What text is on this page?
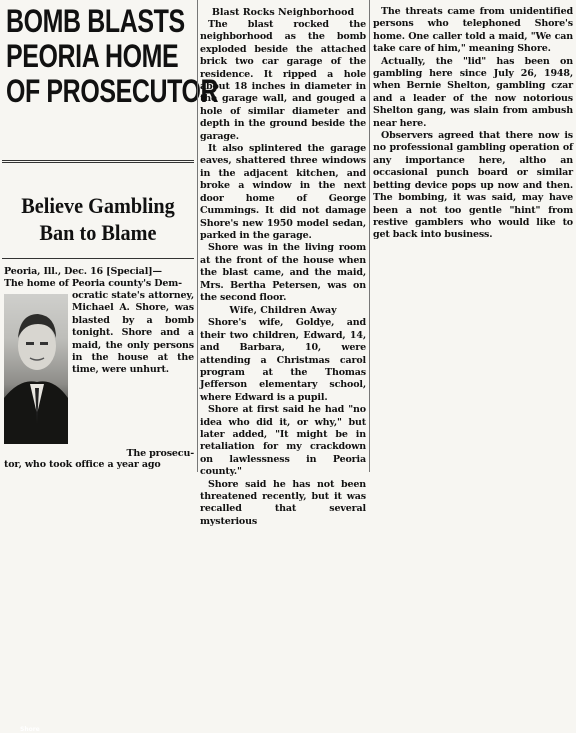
BOMB BLASTS
PEORIA HOME
OF PROSECUTOR
Believe Gambling
Ban to Blame
Peoria, Ill., Dec. 16 [Special]—
The home of Peoria county's Dem-
Shore
ocratic state's attorney, Michael A. Shore, was blasted by a bomb tonight. Shore and a maid, the only persons in the house at the time, were unhurt.
The prosecu-
tor, who took office a year ago
Blast Rocks Neighborhood
The blast rocked the neighborhood as the bomb exploded beside the attached brick two car garage of the residence. It ripped a hole about 18 inches in diameter in the garage wall, and gouged a hole of similar diameter and depth in the ground beside the garage.
It also splintered the garage eaves, shattered three windows in the adjacent kitchen, and broke a window in the next door home of George Cummings. It did not damage Shore's new 1950 model sedan, parked in the garage.
Shore was in the living room at the front of the house when the blast came, and the maid, Mrs. Bertha Petersen, was on the second floor.
Wife, Children Away
Shore's wife, Goldye, and their two children, Edward, 14, and Barbara, 10, were attending a Christmas carol program at the Thomas Jefferson elementary school, where Edward is a pupil.
Shore at first said he had "no idea who did it, or why," but later added, "It might be in retaliation for my crackdown on lawlessness in Peoria county."
Shore said he has not been threatened recently, but it was recalled that several mysterious
The threats came from unidentified persons who telephoned Shore's home. One caller told a maid, "We can take care of him," meaning Shore.
Actually, the "lid" has been on gambling here since July 26, 1948, when Bernie Shelton, gambling czar and a leader of the now notorious Shelton gang, was slain from ambush near here.
Observers agreed that there now is no professional gambling operation of any importance here, altho an occasional punch board or similar betting device pops up now and then. The bombing, it was said, may have been a not too gentle "hint" from restive gamblers who would like to get back into business.
